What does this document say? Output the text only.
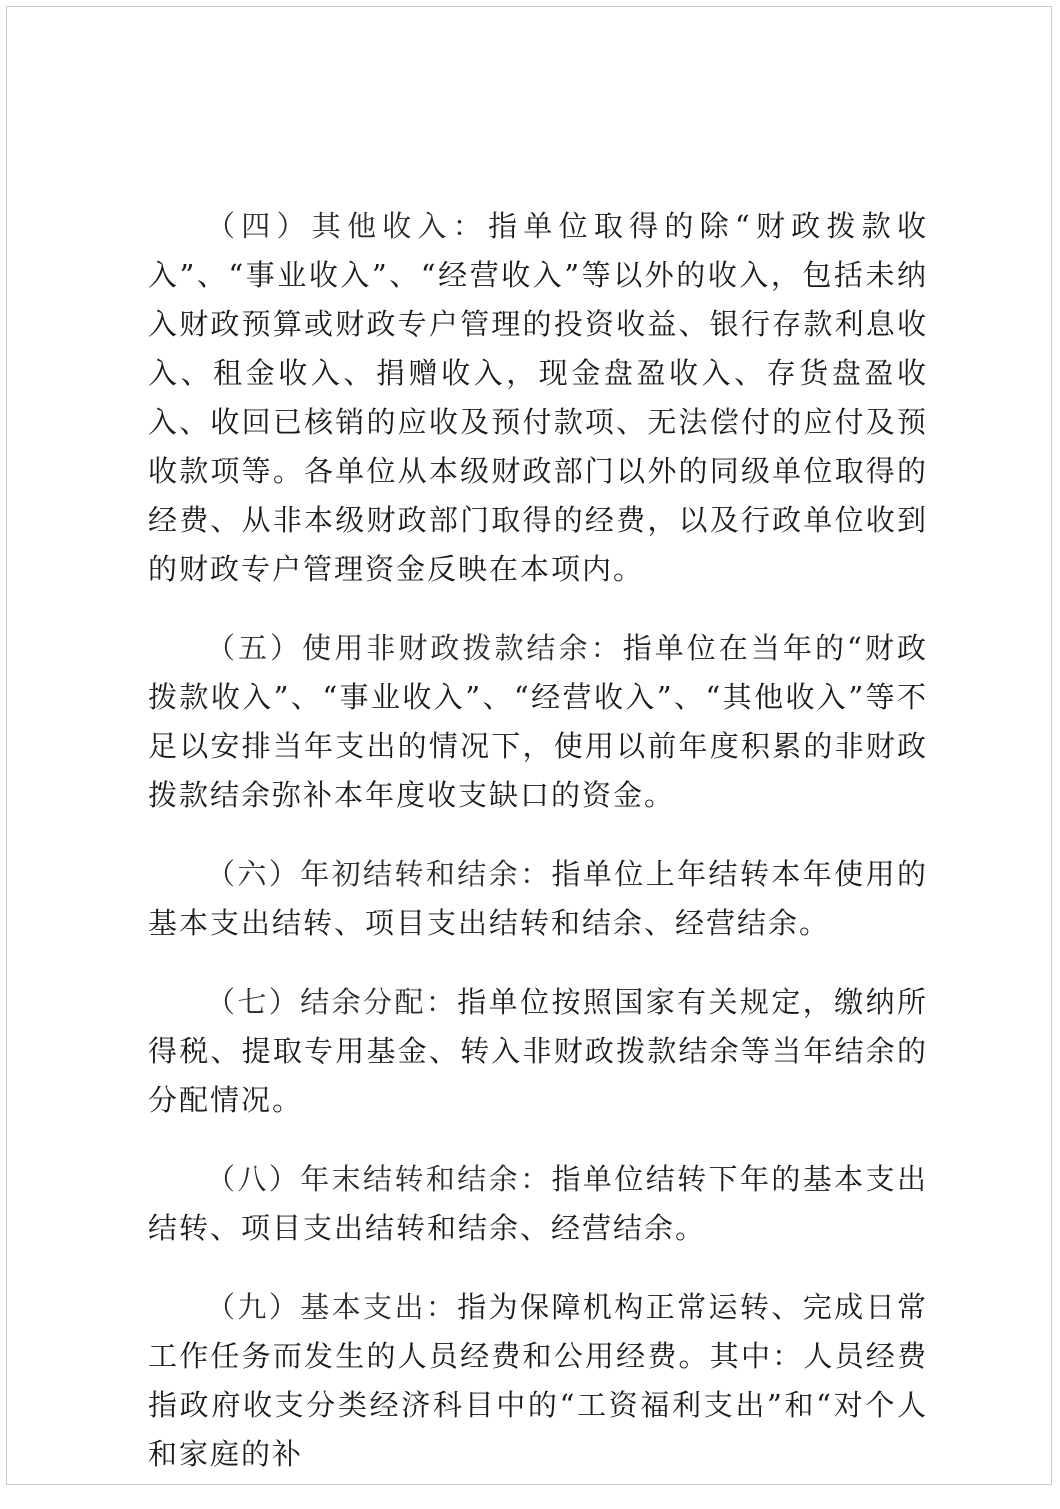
（四）其他收入：指单位取得的除“财政拨款收入”、“事业收入”、“经营收入”等以外的收入，包括未纳入财政预算或财政专户管理的投资收益、银行存款利息收入、租金收入、捐赠收入，现金盘盈收入、存货盘盈收入、收回已核销的应收及预付款项、无法偿付的应付及预收款项等。各单位从本级财政部门以外的同级单位取得的经费、从非本级财政部门取得的经费，以及行政单位收到的财政专户管理资金反映在本项内。

（五）使用非财政拨款结余：指单位在当年的“财政拨款收入”、“事业收入”、“经营收入”、“其他收入”等不足以安排当年支出的情况下，使用以前年度积累的非财政拨款结余弥补本年度收支缺口的资金。

（六）年初结转和结余：指单位上年结转本年使用的基本支出结转、项目支出结转和结余、经营结余。

（七）结余分配：指单位按照国家有关规定，缴纳所得税、提取专用基金、转入非财政拨款结余等当年结余的分配情况。

（八）年末结转和结余：指单位结转下年的基本支出结转、项目支出结转和结余、经营结余。

（九）基本支出：指为保障机构正常运转、完成日常工作任务而发生的人员经费和公用经费。其中：人员经费指政府收支分类经济科目中的“工资福利支出”和“对个人和家庭的补
